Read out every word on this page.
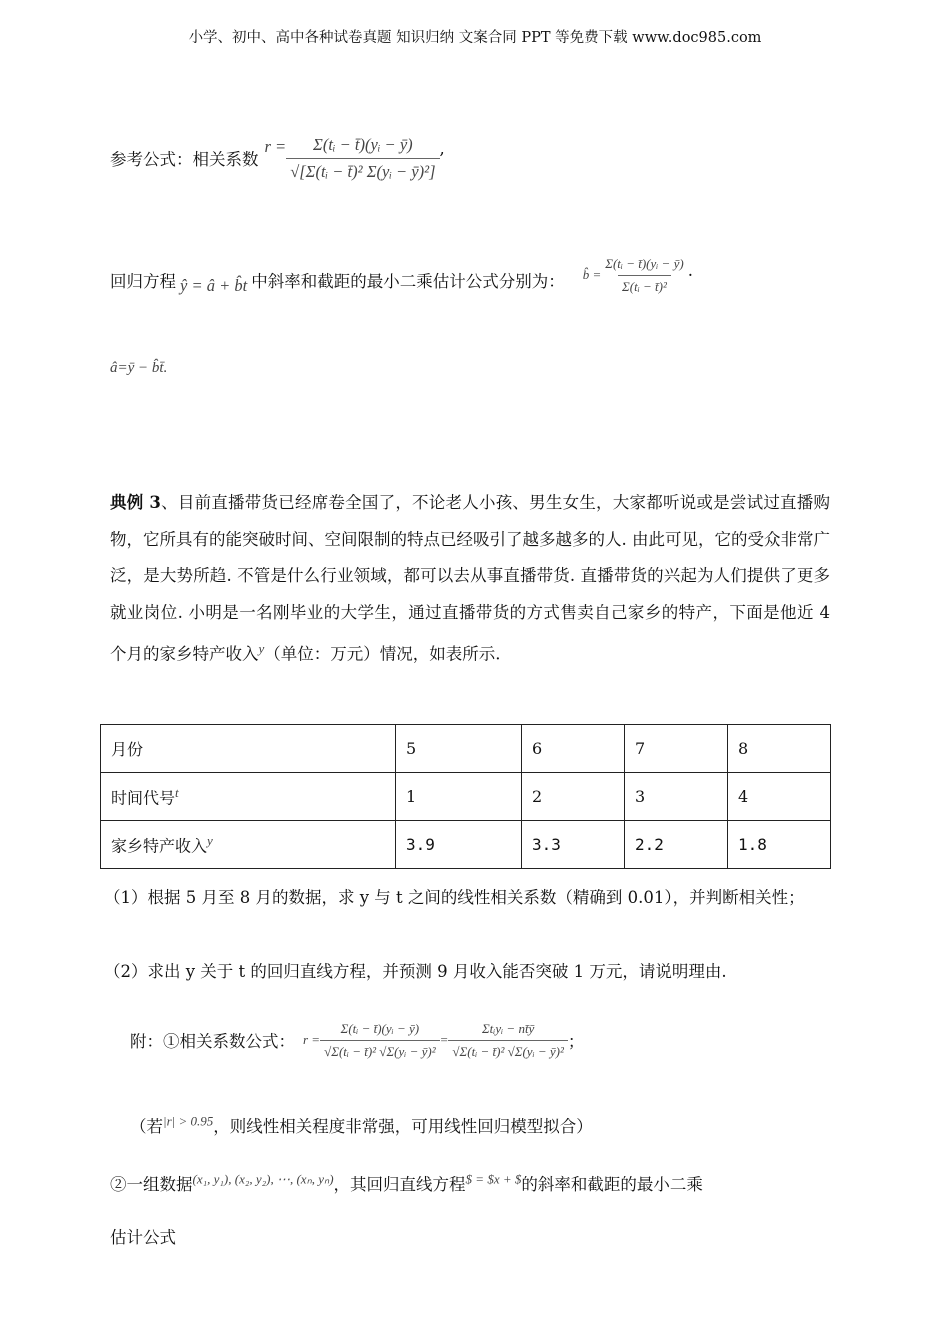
小学、初中、高中各种试卷真题 知识归纳 文案合同 PPT 等免费下载 www.doc985.com
参考公式：相关系数
$r = \frac{\text{Σ(tᵢ − t̄)(yᵢ − ȳ)}}{\text{√[Σ(tᵢ − t̄)² Σ(yᵢ − ȳ)²]}}$ ,
回归方程 ŷ = â + b̂t 中斜率和截距的最小二乘估计公式分别为： b̂ = $\frac{\text{Σ(tᵢ − t̄)(yᵢ − ȳ)}}{\text{Σ(tᵢ − t̄)²}}$ .
â=ȳ − b̂t̄.
典例 3、目前直播带货已经席卷全国了，不论老人小孩、男生女生，大家都听说或是尝试过直播购物，它所具有的能突破时间、空间限制的特点已经吸引了越多越多的人. 由此可见，它的受众非常广泛，是大势所趋. 不管是什么行业领域，都可以去从事直播带货. 直播带货的兴起为人们提供了更多就业岗位. 小明是一名刚毕业的大学生，通过直播带货的方式售卖自己家乡的特产，下面是他近 4 个月的家乡特产收入$^y$（单位：万元）情况，如表所示.
月份	5	6	7	8
时间代号$^t$	1	2	3	4
家乡特产收入$^y$	3.9	3.3	2.2	1.8
（1）根据 5 月至 8 月的数据，求 y 与 t 之间的线性相关系数（精确到 0.01），并判断相关性；
（2）求出 y 关于 t 的回归直线方程，并预测 9 月收入能否突破 1 万元，请说明理由.
附：①相关系数公式： $r = \frac{\text{Σ(tᵢ − t̄)(yᵢ − ȳ)}}{\text{√Σ(tᵢ − t̄)² √Σ(yᵢ − ȳ)²}} = \frac{\text{Σtᵢyᵢ − nt̄ȳ}}{\text{√Σ(tᵢ − t̄)² √Σ(yᵢ − ȳ)²}}$ ；
（若$^{|r| > 0.95}$，则线性相关程度非常强，可用线性回归模型拟合）
②一组数据$^{(x_1, y_1), (x_2, y_2), \cdots, (x_n, y_n)}$，其回归直线方程$^{\$ = \$x + \$}$的斜率和截距的最小二乘
估计公式
